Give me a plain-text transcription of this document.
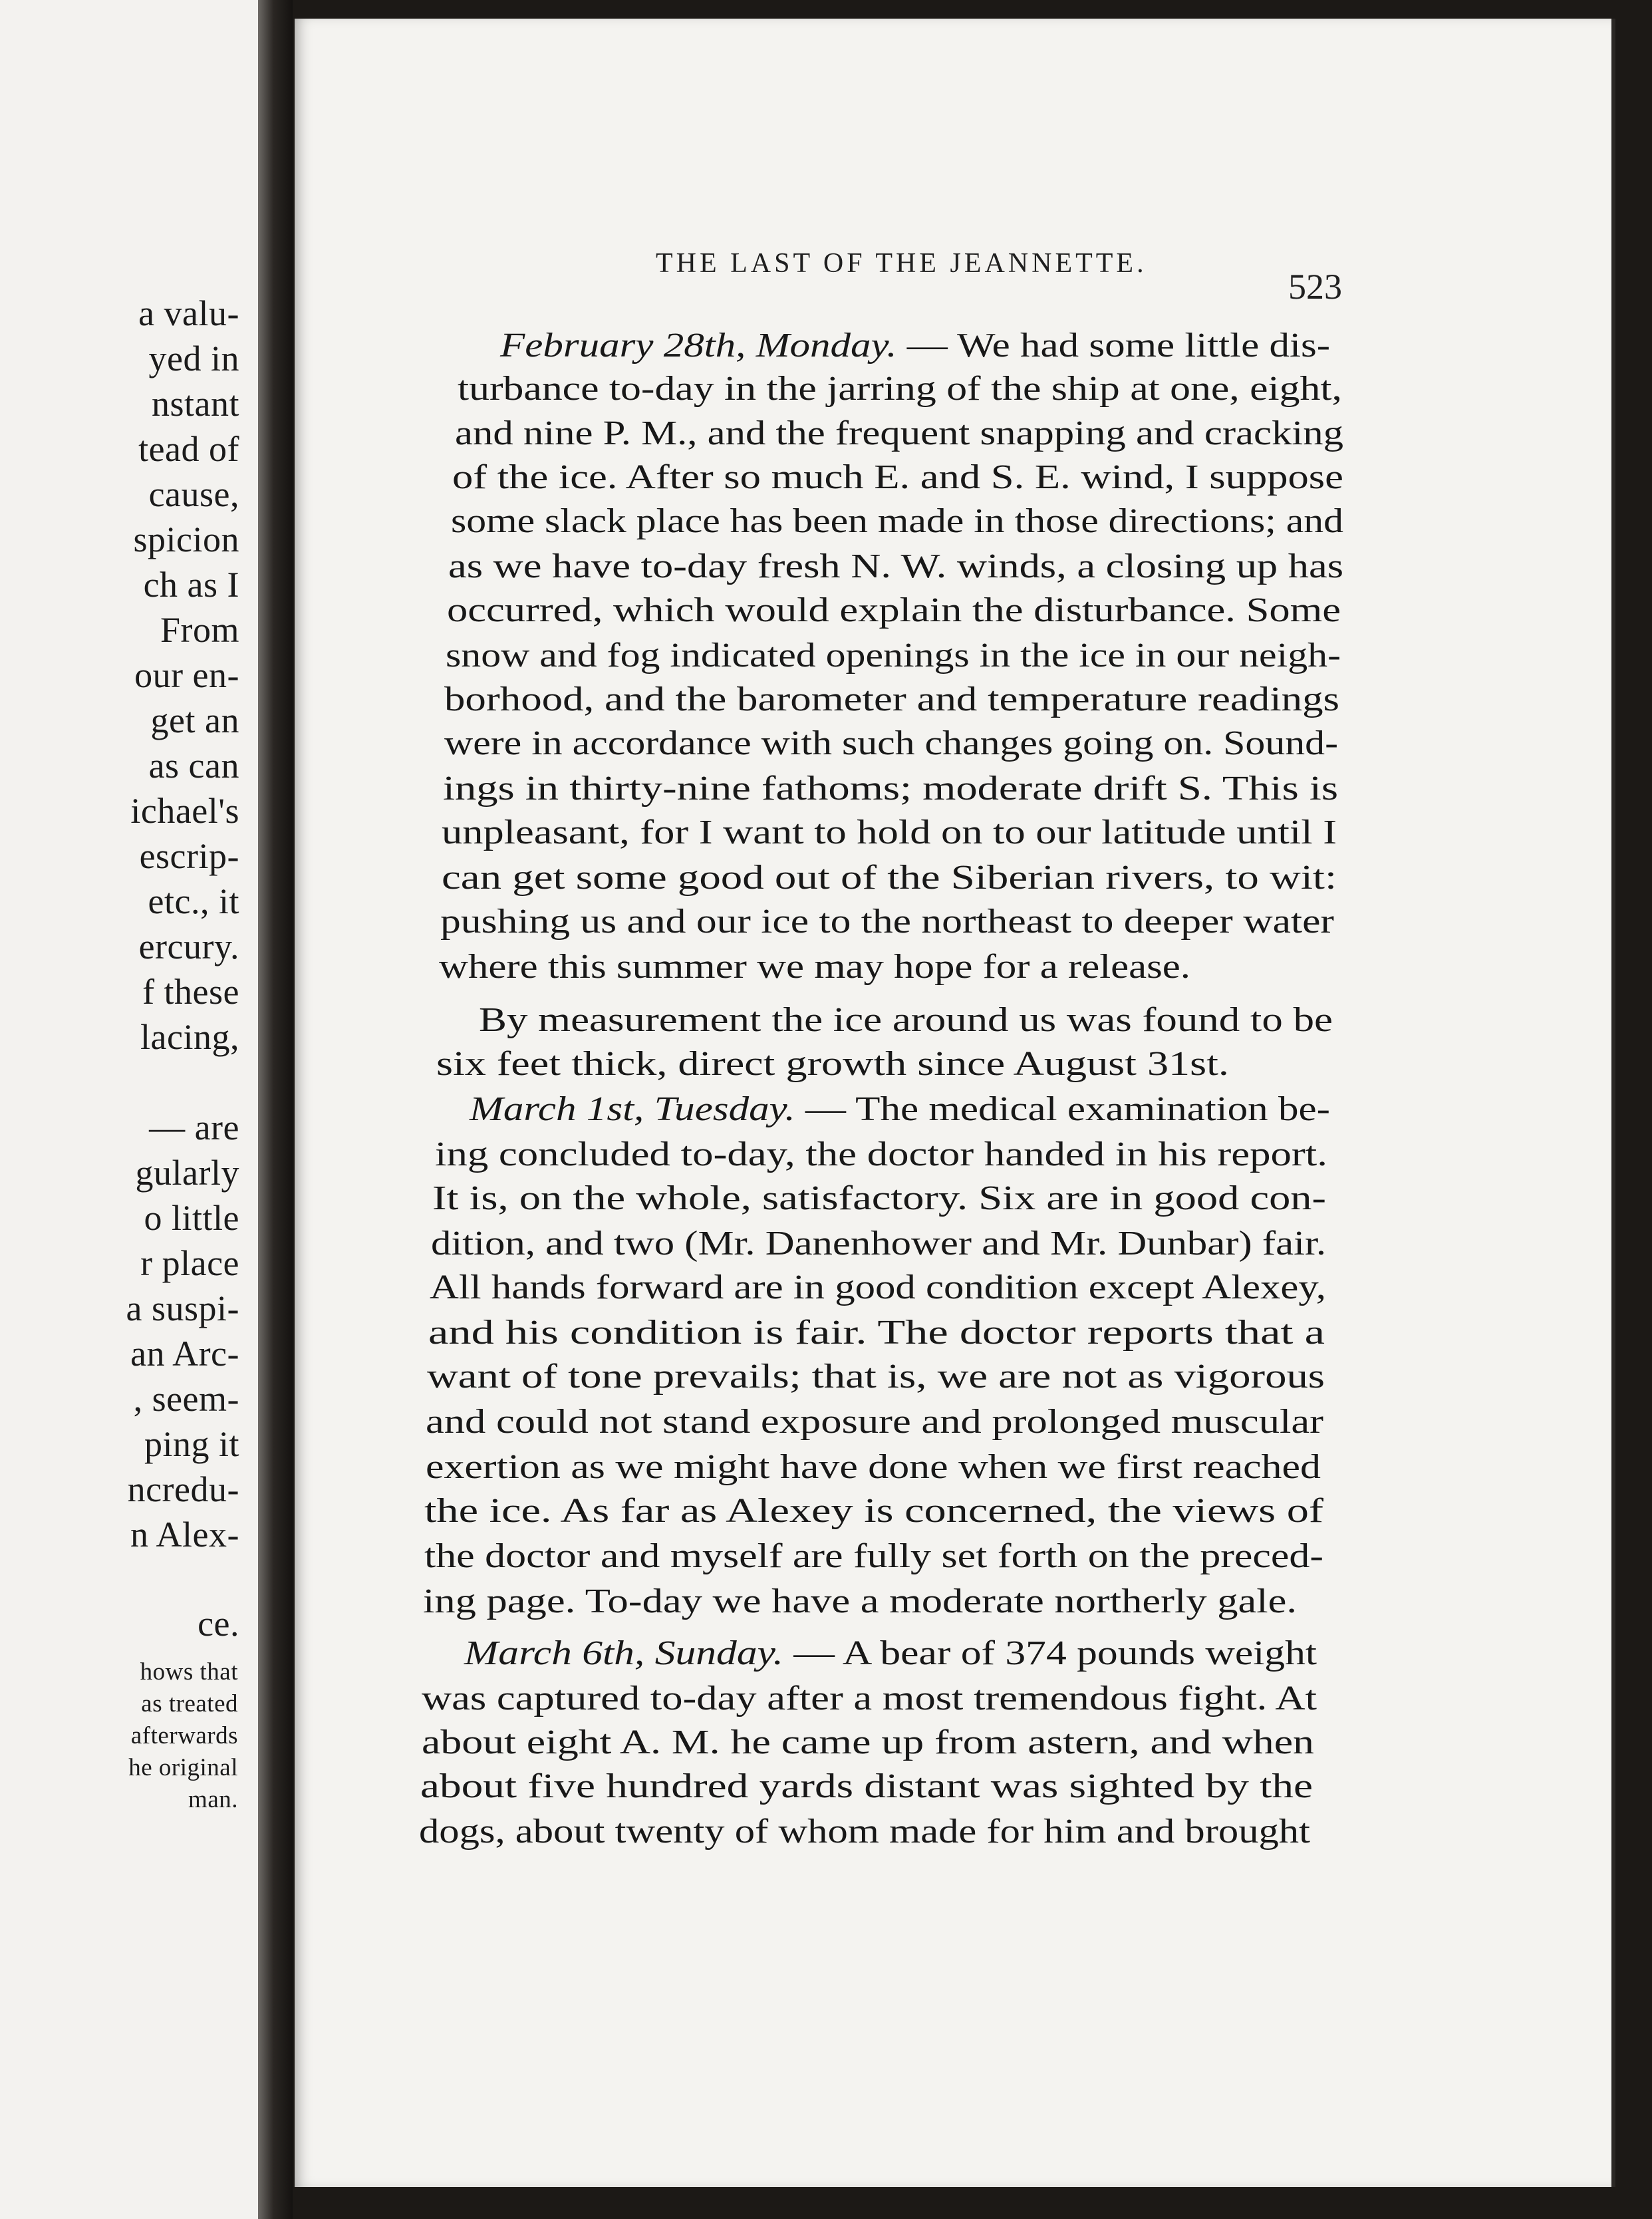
a valu-
yed in
nstant
tead of
cause,
spicion
ch as I
From
our en-
get an
as can
ichael's
escrip-
etc., it
ercury.
f these
lacing,
— are
gularly
o little
r place
a suspi-
an Arc-
, seem-
ping it
ncredu-
n Alex-
ce.
hows that
as treated
afterwards
he original
man.
THE LAST OF THE JEANNETTE.
523
February 28th, Monday. — We had some little dis-
turbance to-day in the jarring of the ship at one, eight,
and nine P. M., and the frequent snapping and cracking
of the ice. After so much E. and S. E. wind, I suppose
some slack place has been made in those directions; and
as we have to-day fresh N. W. winds, a closing up has
occurred, which would explain the disturbance. Some
snow and fog indicated openings in the ice in our neigh-
borhood, and the barometer and temperature readings
were in accordance with such changes going on. Sound-
ings in thirty-nine fathoms; moderate drift S. This is
unpleasant, for I want to hold on to our latitude until I
can get some good out of the Siberian rivers, to wit:
pushing us and our ice to the northeast to deeper water
where this summer we may hope for a release.
By measurement the ice around us was found to be
six feet thick, direct growth since August 31st.
March 1st, Tuesday. — The medical examination be-
ing concluded to-day, the doctor handed in his report.
It is, on the whole, satisfactory. Six are in good con-
dition, and two (Mr. Danenhower and Mr. Dunbar) fair.
All hands forward are in good condition except Alexey,
and his condition is fair. The doctor reports that a
want of tone prevails; that is, we are not as vigorous
and could not stand exposure and prolonged muscular
exertion as we might have done when we first reached
the ice. As far as Alexey is concerned, the views of
the doctor and myself are fully set forth on the preced-
ing page. To-day we have a moderate northerly gale.
March 6th, Sunday. — A bear of 374 pounds weight
was captured to-day after a most tremendous fight. At
about eight A. M. he came up from astern, and when
about five hundred yards distant was sighted by the
dogs, about twenty of whom made for him and brought
